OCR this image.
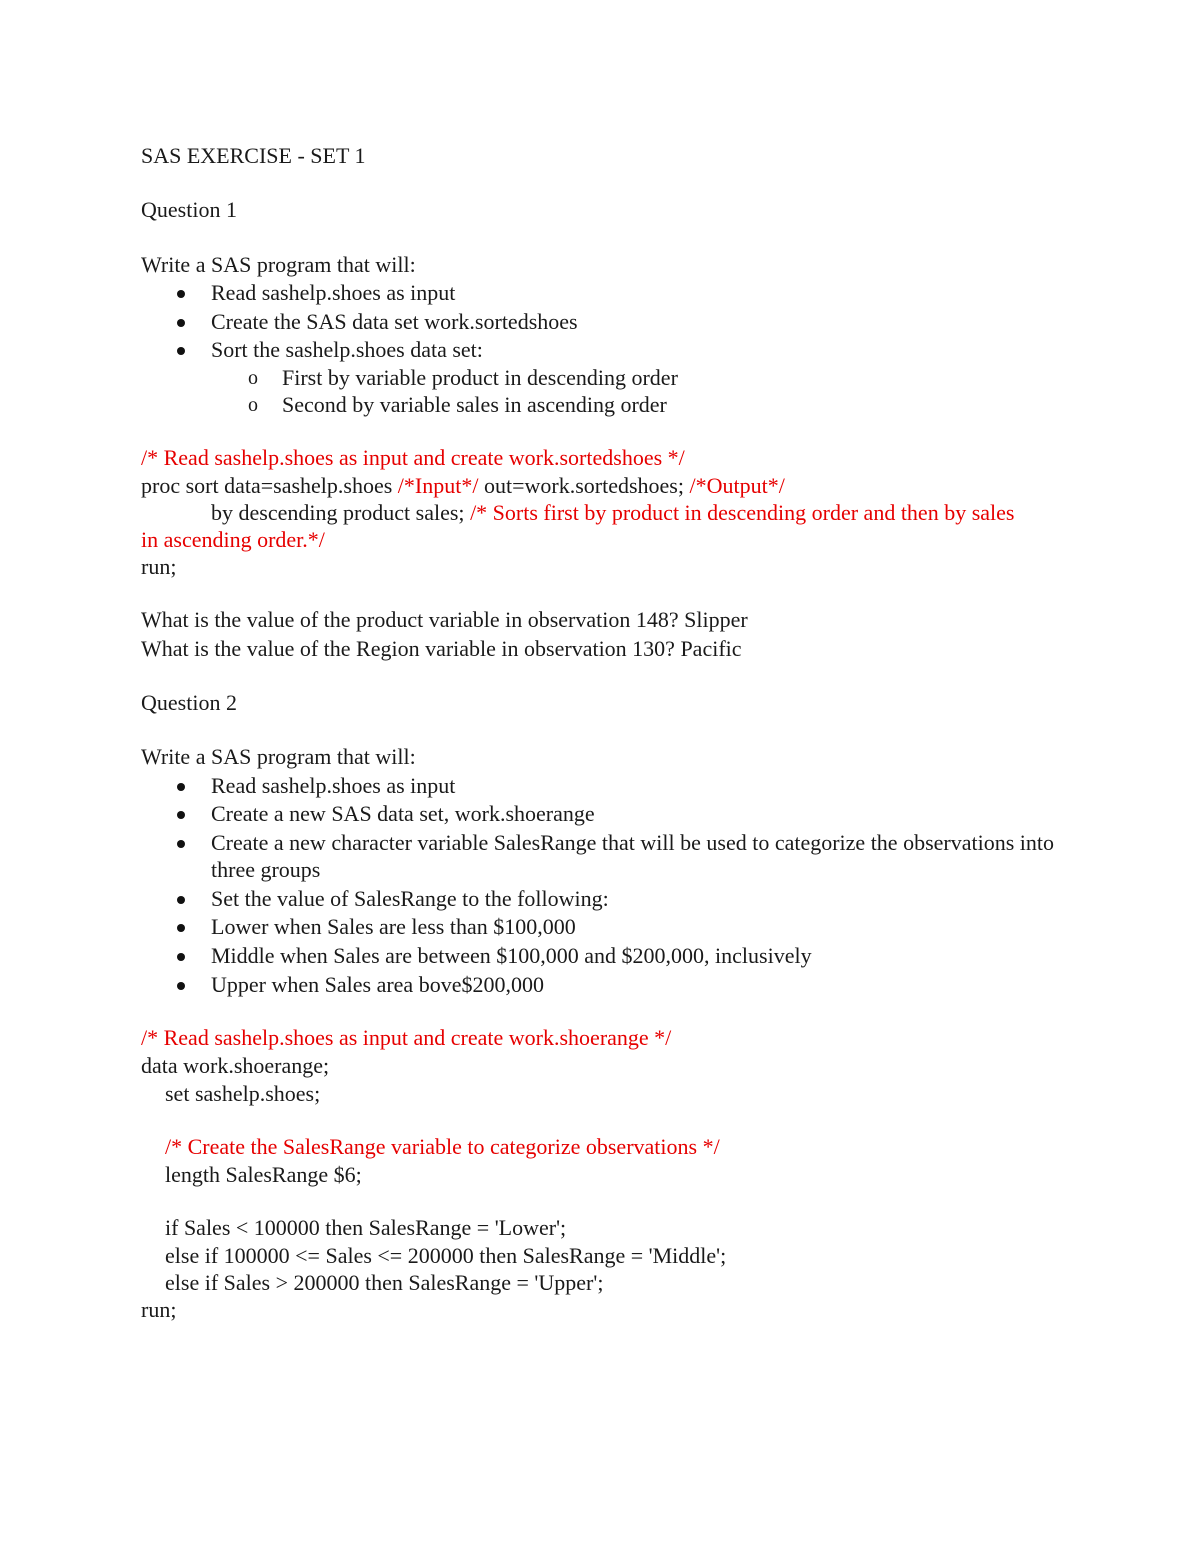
SAS EXERCISE - SET 1
Question 1
Write a SAS program that will:
Read sashelp.shoes as input
Create the SAS data set work.sortedshoes
Sort the sashelp.shoes data set:
o First by variable product in descending order
o Second by variable sales in ascending order
/* Read sashelp.shoes as input and create work.sortedshoes */
proc sort data=sashelp.shoes /*Input*/ out=work.sortedshoes; /*Output*/
by descending product sales; /* Sorts first by product in descending order and then by sales
in ascending order.*/
run;
What is the value of the product variable in observation 148? Slipper
What is the value of the Region variable in observation 130? Pacific
Question 2
Write a SAS program that will:
Read sashelp.shoes as input
Create a new SAS data set, work.shoerange
Create a new character variable SalesRange that will be used to categorize the observations into three groups
Set the value of SalesRange to the following:
Lower when Sales are less than $100,000
Middle when Sales are between $100,000 and $200,000, inclusively
Upper when Sales area bove$200,000
/* Read sashelp.shoes as input and create work.shoerange */
data work.shoerange;
set sashelp.shoes;
/* Create the SalesRange variable to categorize observations */
length SalesRange $6;
if Sales < 100000 then SalesRange = 'Lower';
else if 100000 <= Sales <= 200000 then SalesRange = 'Middle';
else if Sales > 200000 then SalesRange = 'Upper';
run;
